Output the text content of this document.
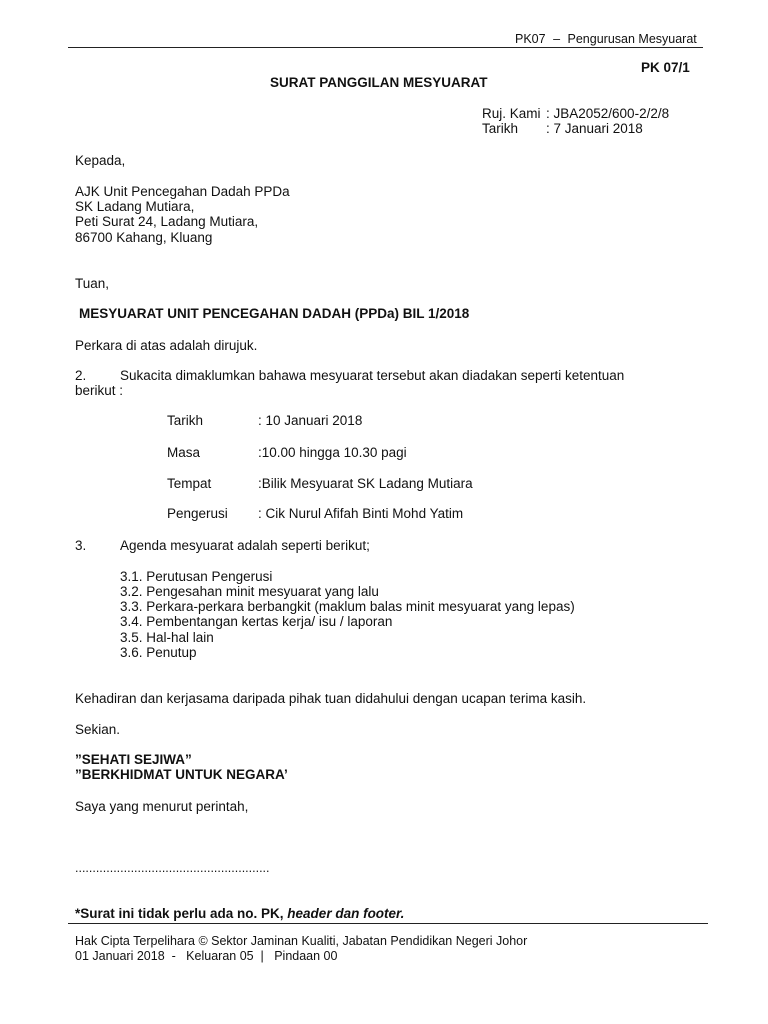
PK07 – Pengurusan Mesyuarat
PK 07/1
SURAT PANGGILAN MESYUARAT
Ruj. Kami : JBA2052/600-2/2/8
Tarikh : 7 Januari 2018
Kepada,
AJK Unit Pencegahan Dadah PPDa
SK Ladang Mutiara,
Peti Surat 24, Ladang Mutiara,
86700 Kahang, Kluang
Tuan,
MESYUARAT UNIT PENCEGAHAN DADAH (PPDa) BIL 1/2018
Perkara di atas adalah dirujuk.
2. Sukacita dimaklumkan bahawa mesyuarat tersebut akan diadakan seperti ketentuan
berikut :
Tarikh	: 10 Januari 2018
Masa	:10.00 hingga 10.30 pagi
Tempat	:Bilik Mesyuarat SK Ladang Mutiara
Pengerusi : Cik Nurul Afifah Binti Mohd Yatim
3. Agenda mesyuarat adalah seperti berikut;
3.1. Perutusan Pengerusi
3.2. Pengesahan minit mesyuarat yang lalu
3.3. Perkara-perkara berbangkit (maklum balas minit mesyuarat yang lepas)
3.4. Pembentangan kertas kerja/ isu / laporan
3.5. Hal-hal lain
3.6. Penutup
Kehadiran dan kerjasama daripada pihak tuan didahului dengan ucapan terima kasih.
Sekian.
”SEHATI SEJIWA”
”BERKHIDMAT UNTUK NEGARA’
Saya yang menurut perintah,
........................................................
*Surat ini tidak perlu ada no. PK, header dan footer.
Hak Cipta Terpelihara © Sektor Jaminan Kualiti, Jabatan Pendidikan Negeri Johor
01 Januari 2018  -   Keluaran 05  |   Pindaan 00
